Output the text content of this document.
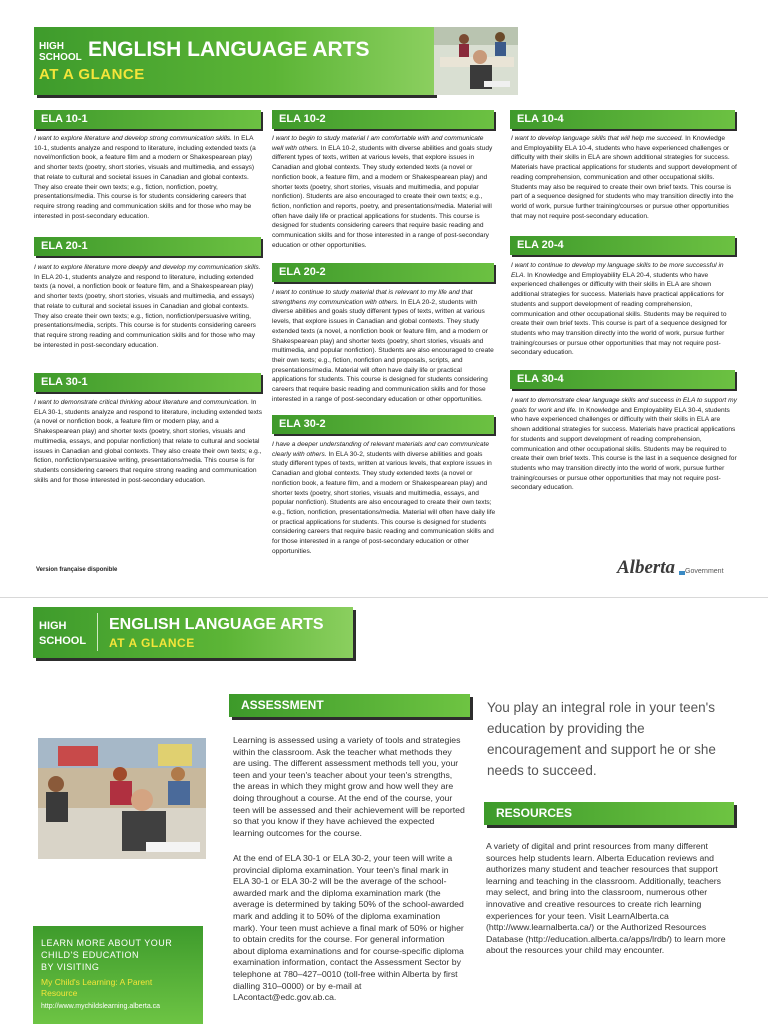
HIGH
SCHOOL ENGLISH LANGUAGE ARTS
AT A GLANCE
ELA 10-1
I want to explore literature and develop strong communication skills. In ELA 10-1, students analyze and respond to literature, including extended texts (a novel/nonfiction book, a feature film and a modern or Shakespearean play) and shorter texts (poetry, short stories, visuals and multimedia, and essays) that relate to cultural and societal issues in Canadian and global contexts. They also create their own texts; e.g., fiction, nonfiction, poetry, presentations/media. This course is for students considering careers that require strong reading and communication skills and for those who may be interested in post-secondary education.
ELA 20-1
I want to explore literature more deeply and develop my communication skills. In ELA 20-1, students analyze and respond to literature, including extended texts (a novel, a nonfiction book or feature film, and a Shakespearean play) and shorter texts (poetry, short stories, visuals and multimedia, and essays) that relate to cultural and societal issues in Canadian and global contexts. They also create their own texts; e.g., fiction, nonfiction/persuasive writing, presentations/media, scripts. This course is for students considering careers that require strong reading and communication skills and for those who may be interested in post-secondary education.
ELA 30-1
I want to demonstrate critical thinking about literature and communication. In ELA 30-1, students analyze and respond to literature, including extended texts (a novel or nonfiction book, a feature film or modern play, and a Shakespearean play) and shorter texts (poetry, short stories, visuals and multimedia, essays, and popular nonfiction) that relate to cultural and societal issues in Canadian and global contexts. They also create their own texts; e.g., fiction, nonfiction/persuasive writing, presentations/media. This course is for students considering careers that require strong reading and communication skills and for those interested in post-secondary education.
ELA 10-2
I want to begin to study material I am comfortable with and communicate well with others. In ELA 10-2, students with diverse abilities and goals study different types of texts, written at various levels, that explore issues in Canadian and global contexts. They study extended texts (a novel or nonfiction book, a feature film, and a modern or Shakespearean play) and shorter texts (poetry, short stories, visuals and multimedia, and popular nonfiction). Students are also encouraged to create their own texts; e.g., fiction, nonfiction and reports, poetry, and presentations/media. Material will often have daily life or practical applications for students. This course is designed for students considering careers that require basic reading and communication skills and for those interested in a range of post-secondary education or other opportunities.
ELA 20-2
I want to continue to study material that is relevant to my life and that strengthens my communication with others. In ELA 20-2, students with diverse abilities and goals study different types of texts, written at various levels, that explore issues in Canadian and global contexts. They study extended texts (a novel, a nonfiction book or feature film, and a modern or Shakespearean play) and shorter texts (poetry, short stories, visuals and multimedia, and popular nonfiction). Students are also encouraged to create their own texts; e.g., fiction, nonfiction and proposals, scripts, and presentations/media. Material will often have daily life or practical applications for students. This course is designed for students considering careers that require basic reading and communication skills and for those interested in a range of post-secondary education or other opportunities.
ELA 30-2
I have a deeper understanding of relevant materials and can communicate clearly with others. In ELA 30-2, students with diverse abilities and goals study different types of texts, written at various levels, that explore issues in Canadian and global contexts. They study extended texts (a novel or nonfiction book, a feature film, and a modern or Shakespearean play) and shorter texts (poetry, short stories, visuals and multimedia, essays, and popular nonfiction). Students are also encouraged to create their own texts; e.g., fiction, nonfiction, presentations/media. Material will often have daily life or practical applications for students. This course is designed for students considering careers that require basic reading and communication skills and for those interested in a range of post-secondary education or other opportunities.
ELA 10-4
I want to develop language skills that will help me succeed. In Knowledge and Employability ELA 10-4, students who have experienced challenges or difficulty with their skills in ELA are shown additional strategies for success. Materials have practical applications for students and support development of reading comprehension, communication and other occupational skills. Students may also be required to create their own brief texts. This course is part of a sequence designed for students who may transition directly into the world of work, pursue further training/courses or pursue other opportunities that may not require post-secondary education.
ELA 20-4
I want to continue to develop my language skills to be more successful in ELA. In Knowledge and Employability ELA 20-4, students who have experienced challenges or difficulty with their skills in ELA are shown additional strategies for success. Materials have practical applications for students and support development of reading comprehension, communication and other occupational skills. Students may be required to create their own brief texts. This course is part of a sequence designed for students who may transition directly into the world of work, pursue further training/courses or pursue other opportunities that may not require post-secondary education.
ELA 30-4
I want to demonstrate clear language skills and success in ELA to support my goals for work and life. In Knowledge and Employability ELA 30-4, students who have experienced challenges or difficulty with their skills in ELA are shown additional strategies for success. Materials have practical applications for students and support development of reading comprehension, communication and other occupational skills. Students may be required to create their own brief texts. This course is the last in a sequence designed for students who may transition directly into the world of work, pursue further training/courses or pursue other opportunities that may not require post-secondary education.
Version française disponible	Alberta Government
HIGH
SCHOOL
ENGLISH LANGUAGE ARTS
AT A GLANCE
ASSESSMENT
Learning is assessed using a variety of tools and strategies within the classroom. Ask the teacher what methods they are using. The different assessment methods tell you, your teen and your teen's teacher about your teen's strengths, the areas in which they might grow and how well they are doing throughout a course. At the end of the course, your teen will be assessed and their achievement will be reported so that you know if they have achieved the expected learning outcomes for the course.
At the end of ELA 30-1 or ELA 30-2, your teen will write a provincial diploma examination. Your teen's final mark in ELA 30-1 or ELA 30-2 will be the average of the school-awarded mark and the diploma examination mark (the average is determined by taking 50% of the school-awarded mark and adding it to 50% of the diploma examination mark). Your teen must achieve a final mark of 50% or higher to obtain credits for the course. For general information about diploma examinations and for course-specific diploma examination information, contact the Assessment Sector by telephone at 780–427–0010 (toll-free within Alberta by first dialling 310–0000) or by e-mail at LAcontact@edc.gov.ab.ca.
You play an integral role in your teen's education by providing the encouragement and support he or she needs to succeed.
RESOURCES
A variety of digital and print resources from many different sources help students learn. Alberta Education reviews and authorizes many student and teacher resources that support learning and teaching in the classroom. Additionally, teachers may select, and bring into the classroom, numerous other innovative and creative resources to create rich learning experiences for your teen. Visit LearnAlberta.ca (http://www.learnalberta.ca/) or the Authorized Resources Database (http://education.alberta.ca/apps/lrdb/) to learn more about the resources your child may encounter.
LEARN MORE ABOUT YOUR
CHILD'S EDUCATION
BY VISITING
My Child's Learning: A Parent
Resource
http://www.mychildslearning.alberta.ca
